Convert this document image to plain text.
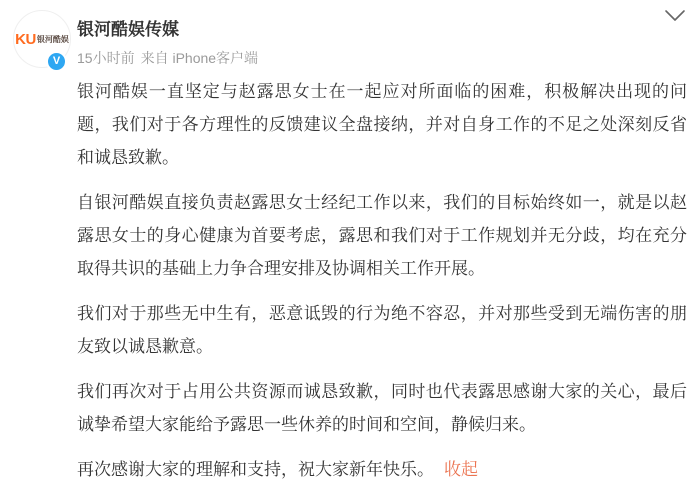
KU 银河酷娱
V
银河酷娱传媒
15小时前 来自 iPhone客户端

银河酷娱一直坚定与赵露思女士在一起应对所面临的困难，积极解决出现的问题，我们对于各方理性的反馈建议全盘接纳，并对自身工作的不足之处深刻反省和诚恳致歉。

自银河酷娱直接负责赵露思女士经纪工作以来，我们的目标始终如一，就是以赵露思女士的身心健康为首要考虑，露思和我们对于工作规划并无分歧，均在充分取得共识的基础上力争合理安排及协调相关工作开展。

我们对于那些无中生有，恶意诋毁的行为绝不容忍，并对那些受到无端伤害的朋友致以诚恳歉意。

我们再次对于占用公共资源而诚恳致歉，同时也代表露思感谢大家的关心，最后诚挚希望大家能给予露思一些休养的时间和空间，静候归来。

再次感谢大家的理解和支持，祝大家新年快乐。 收起
